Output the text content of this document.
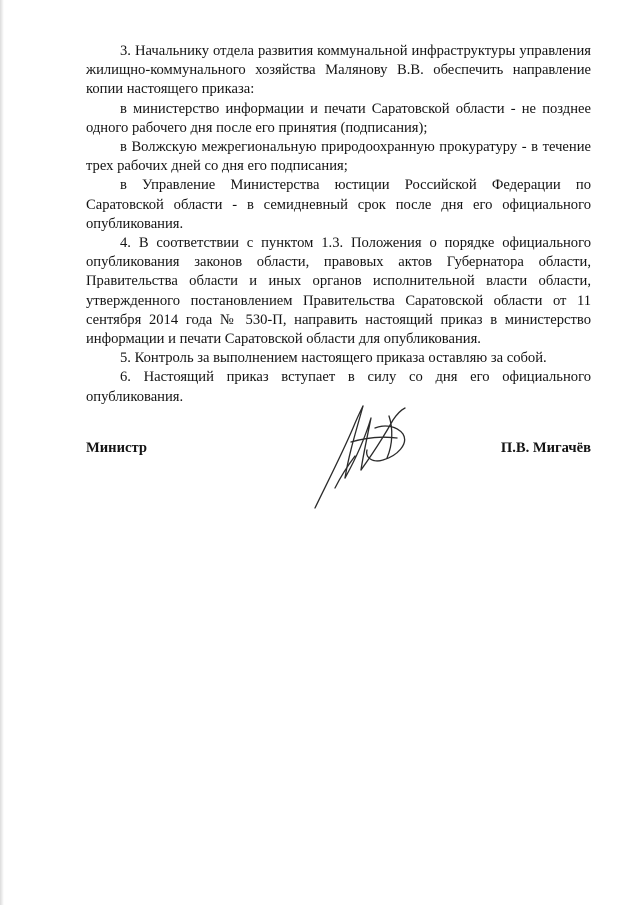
3. Начальнику отдела развития коммунальной инфраструктуры управления жилищно-коммунального хозяйства Малянову В.В. обеспечить направление копии настоящего приказа:

в министерство информации и печати Саратовской области - не позднее одного рабочего дня после его принятия (подписания);

в Волжскую межрегиональную природоохранную прокуратуру - в течение трех рабочих дней со дня его подписания;

в Управление Министерства юстиции Российской Федерации по Саратовской области - в семидневный срок после дня его официального опубликования.

4. В соответствии с пунктом 1.3. Положения о порядке официального опубликования законов области, правовых актов Губернатора области, Правительства области и иных органов исполнительной власти области, утвержденного постановлением Правительства Саратовской области от 11 сентября 2014 года № 530-П, направить настоящий приказ в министерство информации и печати Саратовской области для опубликования.

5. Контроль за выполнением настоящего приказа оставляю за собой.

6. Настоящий приказ вступает в силу со дня его официального опубликования.

Министр	П.В. Мигачёв
